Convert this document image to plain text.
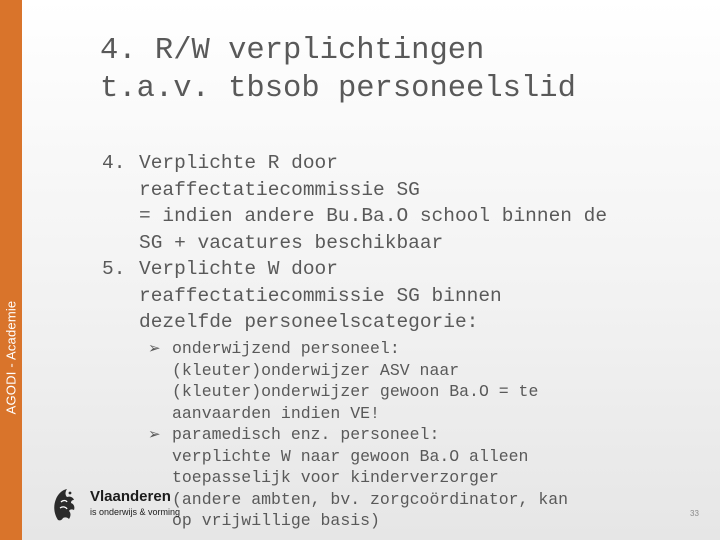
AGODI - Academie
4. R/W verplichtingen
t.a.v. tbsob personeelslid
4. Verplichte R door
reaffectatiecommissie SG
= indien andere Bu.Ba.O school binnen de
SG + vacatures beschikbaar
5. Verplichte W door
reaffectatiecommissie SG binnen
dezelfde personeelscategorie:
➢ onderwijzend personeel:
(kleuter)onderwijzer ASV naar
(kleuter)onderwijzer gewoon Ba.O = te
aanvaarden indien VE!
➢ paramedisch enz. personeel:
verplichte W naar gewoon Ba.O alleen
toepasselijk voor kinderverzorger
(andere ambten, bv. zorgcoördinator, kan
op vrijwillige basis)
Vlaanderen
is onderwijs & vorming	33
